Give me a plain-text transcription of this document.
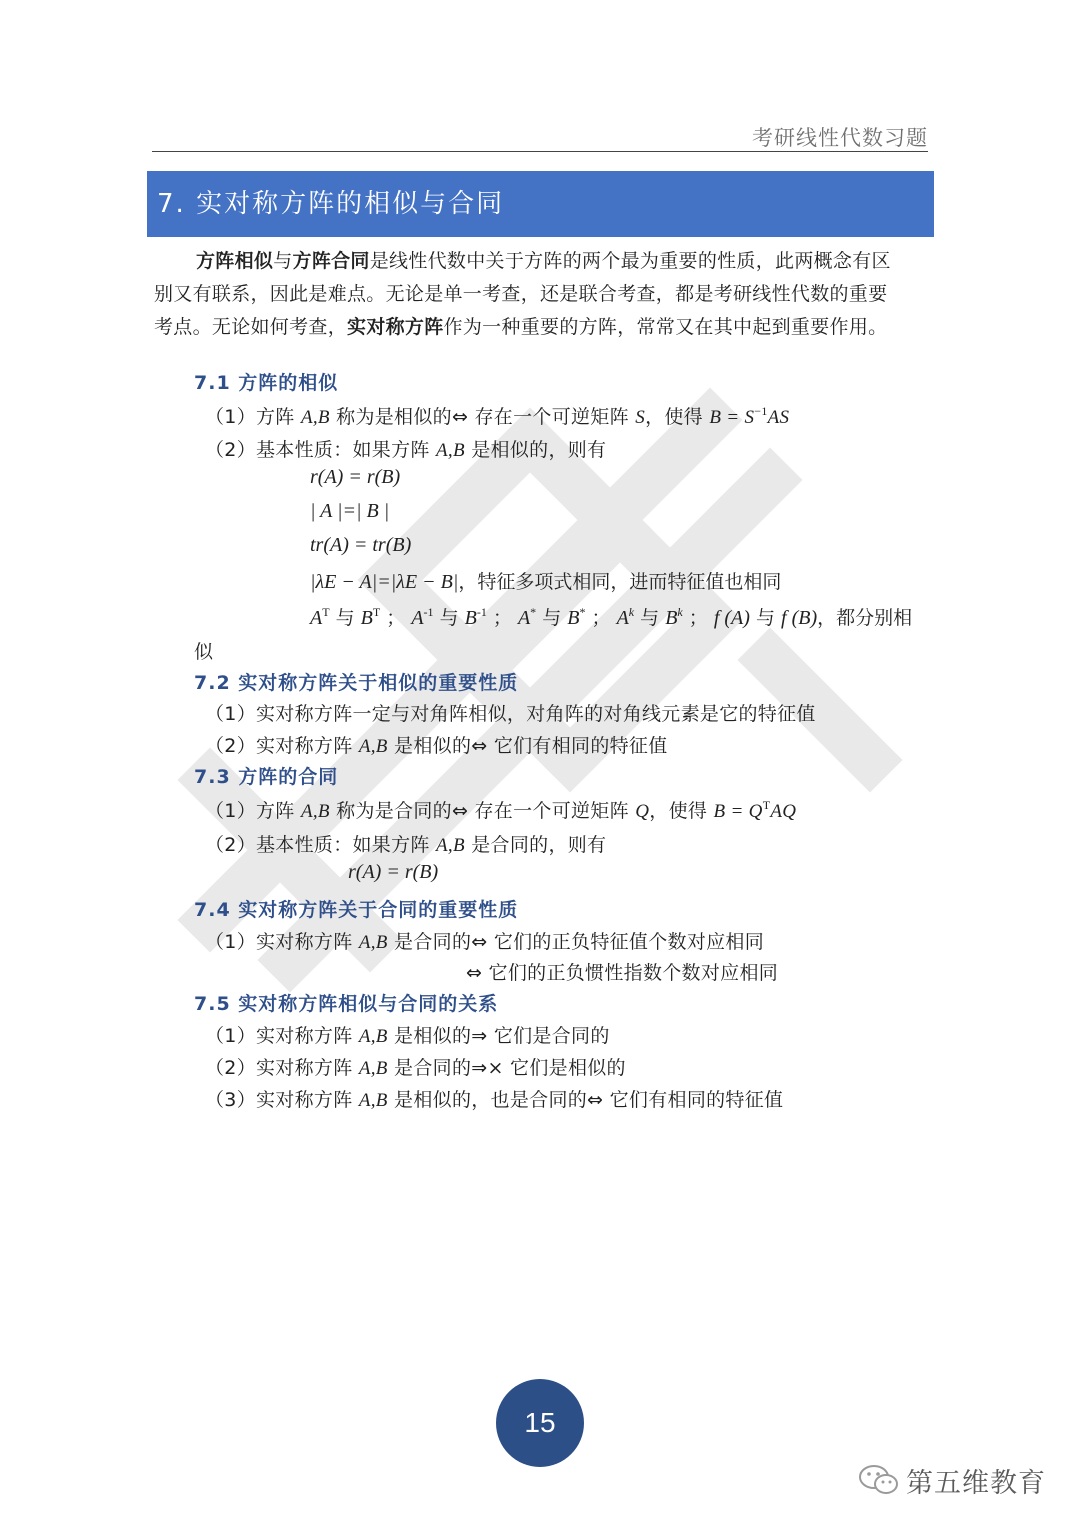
考研线性代数习题
7. 实对称方阵的相似与合同
方阵相似与方阵合同是线性代数中关于方阵的两个最为重要的性质，此两概念有区
别又有联系，因此是难点。无论是单一考查，还是联合考查，都是考研线性代数的重要
考点。无论如何考查，实对称方阵作为一种重要的方阵，常常又在其中起到重要作用。
7.1 方阵的相似
（1）方阵 A,B 称为是相似的⇔ 存在一个可逆矩阵 S，使得 $B = S^{-1}AS$
（2）基本性质：如果方阵 A,B 是相似的，则有
r(A) = r(B)
| A |=| B |
tr(A) = tr(B)
|λE − A|=|λE − B|，特征多项式相同，进而特征值也相同
$A^T$ 与 $B^T$ ； $A^{-1}$ 与 $B^{-1}$ ； A* 与 B* ； $A^k$ 与 $B^k$ ； f (A) 与 f (B)，都分别相
似
7.2 实对称方阵关于相似的重要性质
（1）实对称方阵一定与对角阵相似，对角阵的对角线元素是它的特征值
（2）实对称方阵 A,B 是相似的⇔ 它们有相同的特征值
7.3 方阵的合同
（1）方阵 A,B 称为是合同的⇔ 存在一个可逆矩阵 Q，使得 $B = Q^TAQ$
（2）基本性质：如果方阵 A,B 是合同的，则有
r(A) = r(B)
7.4 实对称方阵关于合同的重要性质
（1）实对称方阵 A,B 是合同的⇔ 它们的正负特征值个数对应相同
⇔ 它们的正负惯性指数个数对应相同
7.5 实对称方阵相似与合同的关系
（1）实对称方阵 A,B 是相似的⇒ 它们是合同的
（2）实对称方阵 A,B 是合同的⇒× 它们是相似的
（3）实对称方阵 A,B 是相似的，也是合同的⇔ 它们有相同的特征值
15
第五维教育
